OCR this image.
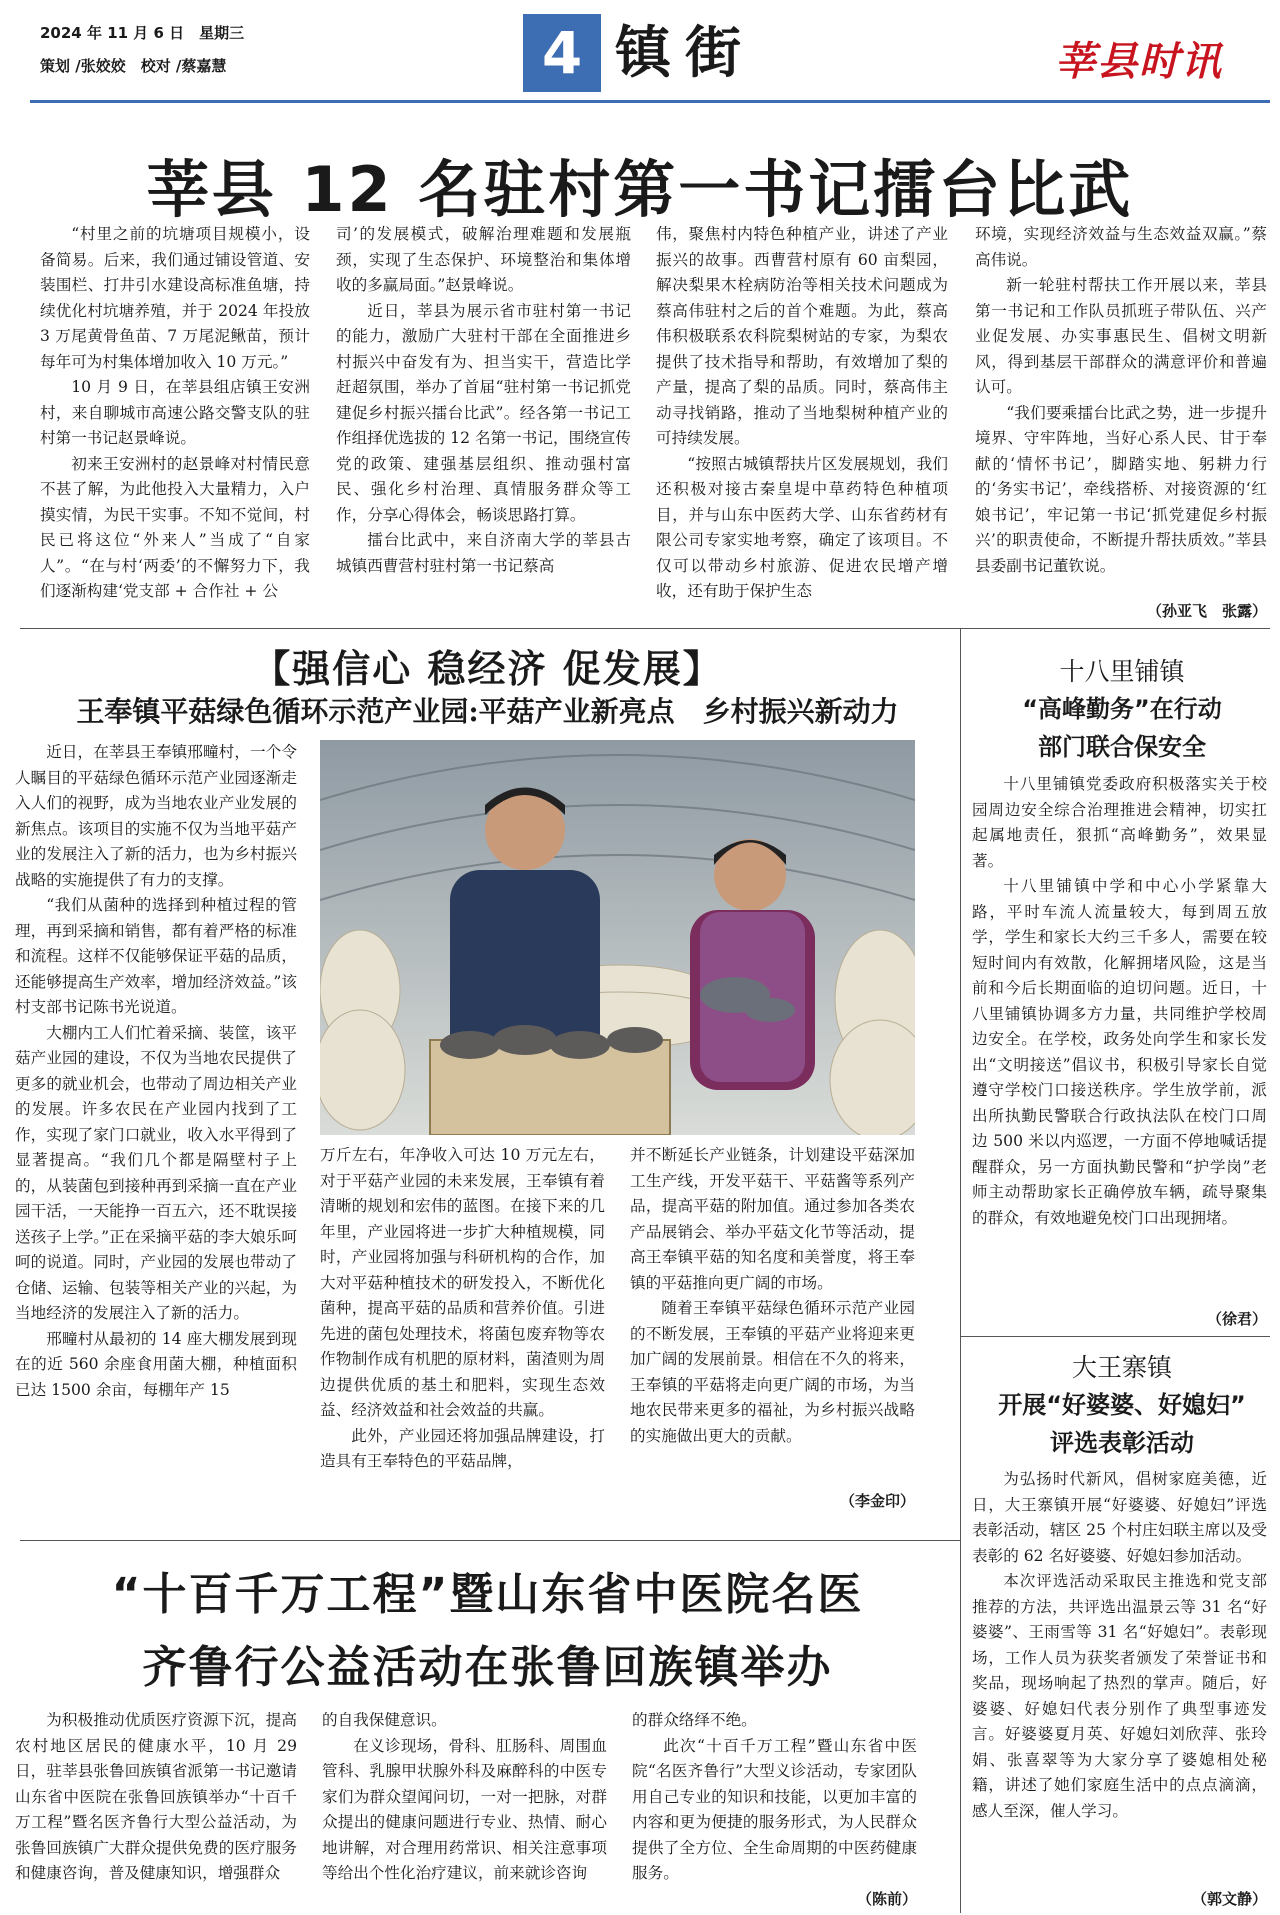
2024 年 11 月 6 日　星期三
策划 /张姣姣　校对 /蔡嘉慧	4 镇街	莘县时讯
莘县 12 名驻村第一书记擂台比武

“村里之前的坑塘项目规模小，设备简易。后来，我们通过铺设管道、安装围栏、打井引水建设高标准鱼塘，持续优化村坑塘养殖，并于 2024 年投放 3 万尾黄骨鱼苗、7 万尾泥鳅苗，预计每年可为村集体增加收入 10 万元。”

10 月 9 日，在莘县组店镇王安洲村，来自聊城市高速公路交警支队的驻村第一书记赵景峰说。

初来王安洲村的赵景峰对村情民意不甚了解，为此他投入大量精力，入户摸实情，为民干实事。不知不觉间，村民已将这位“外来人”当成了“自家人”。“在与村‘两委’的不懈努力下，我们逐渐构建‘党支部 + 合作社 + 公

司’的发展模式，破解治理难题和发展瓶颈，实现了生态保护、环境整治和集体增收的多赢局面。”赵景峰说。

近日，莘县为展示省市驻村第一书记的能力，激励广大驻村干部在全面推进乡村振兴中奋发有为、担当实干，营造比学赶超氛围，举办了首届“驻村第一书记抓党建促乡村振兴擂台比武”。经各第一书记工作组择优选拔的 12 名第一书记，围绕宣传党的政策、建强基层组织、推动强村富民、强化乡村治理、真情服务群众等工作，分享心得体会，畅谈思路打算。

擂台比武中，来自济南大学的莘县古城镇西曹营村驻村第一书记蔡高

伟，聚焦村内特色种植产业，讲述了产业振兴的故事。西曹营村原有 60 亩梨园，解决梨果木栓病防治等相关技术问题成为蔡高伟驻村之后的首个难题。为此，蔡高伟积极联系农科院梨树站的专家，为梨农提供了技术指导和帮助，有效增加了梨的产量，提高了梨的品质。同时，蔡高伟主动寻找销路，推动了当地梨树种植产业的可持续发展。

“按照古城镇帮扶片区发展规划，我们还积极对接古秦皇堤中草药特色种植项目，并与山东中医药大学、山东省药材有限公司专家实地考察，确定了该项目。不仅可以带动乡村旅游、促进农民增产增收，还有助于保护生态

环境，实现经济效益与生态效益双赢。”蔡高伟说。

新一轮驻村帮扶工作开展以来，莘县第一书记和工作队员抓班子带队伍、兴产业促发展、办实事惠民生、倡树文明新风，得到基层干部群众的满意评价和普遍认可。

“我们要乘擂台比武之势，进一步提升境界、守牢阵地，当好心系人民、甘于奉献的‘情怀书记’，脚踏实地、躬耕力行的‘务实书记’，牵线搭桥、对接资源的‘红娘书记’，牢记第一书记‘抓党建促乡村振兴’的职责使命，不断提升帮扶质效。”莘县县委副书记董钦说。

（孙亚飞　张露）
【强信心 稳经济 促发展】
王奉镇平菇绿色循环示范产业园:平菇产业新亮点　乡村振兴新动力

近日，在莘县王奉镇邢疃村，一个令人瞩目的平菇绿色循环示范产业园逐渐走入人们的视野，成为当地农业产业发展的新焦点。该项目的实施不仅为当地平菇产业的发展注入了新的活力，也为乡村振兴战略的实施提供了有力的支撑。

“我们从菌种的选择到种植过程的管理，再到采摘和销售，都有着严格的标准和流程。这样不仅能够保证平菇的品质，还能够提高生产效率，增加经济效益。”该村支部书记陈书光说道。

大棚内工人们忙着采摘、装筐，该平菇产业园的建设，不仅为当地农民提供了更多的就业机会，也带动了周边相关产业的发展。许多农民在产业园内找到了工作，实现了家门口就业，收入水平得到了显著提高。“我们几个都是隔壁村子上的，从装菌包到接种再到采摘一直在产业园干活，一天能挣一百五六，还不耽误接送孩子上学。”正在采摘平菇的李大娘乐呵呵的说道。同时，产业园的发展也带动了仓储、运输、包装等相关产业的兴起，为当地经济的发展注入了新的活力。

邢疃村从最初的 14 座大棚发展到现在的近 560 余座食用菌大棚，种植面积已达 1500 余亩，每棚年产 15

万斤左右，年净收入可达 10 万元左右，对于平菇产业园的未来发展，王奉镇有着清晰的规划和宏伟的蓝图。在接下来的几年里，产业园将进一步扩大种植规模，同时，产业园将加强与科研机构的合作，加大对平菇种植技术的研发投入，不断优化菌种，提高平菇的品质和营养价值。引进先进的菌包处理技术，将菌包废弃物等农作物制作成有机肥的原材料，菌渣则为周边提供优质的基土和肥料，实现生态效益、经济效益和社会效益的共赢。

此外，产业园还将加强品牌建设，打造具有王奉特色的平菇品牌，

并不断延长产业链条，计划建设平菇深加工生产线，开发平菇干、平菇酱等系列产品，提高平菇的附加值。通过参加各类农产品展销会、举办平菇文化节等活动，提高王奉镇平菇的知名度和美誉度，将王奉镇的平菇推向更广阔的市场。

随着王奉镇平菇绿色循环示范产业园的不断发展，王奉镇的平菇产业将迎来更加广阔的发展前景。相信在不久的将来，王奉镇的平菇将走向更广阔的市场，为当地农民带来更多的福祉，为乡村振兴战略的实施做出更大的贡献。

（李金印）
十八里铺镇
“高峰勤务”在行动
部门联合保安全

十八里铺镇党委政府积极落实关于校园周边安全综合治理推进会精神，切实扛起属地责任，狠抓“高峰勤务”，效果显著。

十八里铺镇中学和中心小学紧靠大路，平时车流人流量较大，每到周五放学，学生和家长大约三千多人，需要在较短时间内有效散，化解拥堵风险，这是当前和今后长期面临的迫切问题。近日，十八里铺镇协调多方力量，共同维护学校周边安全。在学校，政务处向学生和家长发出“文明接送”倡议书，积极引导家长自觉遵守学校门口接送秩序。学生放学前，派出所执勤民警联合行政执法队在校门口周边 500 米以内巡逻，一方面不停地喊话提醒群众，另一方面执勤民警和“护学岗”老师主动帮助家长正确停放车辆，疏导聚集的群众，有效地避免校门口出现拥堵。

（徐君）
大王寨镇
开展“好婆婆、好媳妇”
评选表彰活动

为弘扬时代新风，倡树家庭美德，近日，大王寨镇开展“好婆婆、好媳妇”评选表彰活动，辖区 25 个村庄妇联主席以及受表彰的 62 名好婆婆、好媳妇参加活动。

本次评选活动采取民主推选和党支部推荐的方法，共评选出温景云等 31 名“好婆婆”、王雨雪等 31 名“好媳妇”。表彰现场，工作人员为获奖者颁发了荣誉证书和奖品，现场响起了热烈的掌声。随后，好婆婆、好媳妇代表分别作了典型事迹发言。好婆婆夏月英、好媳妇刘欣萍、张玲娟、张喜翠等为大家分享了婆媳相处秘籍，讲述了她们家庭生活中的点点滴滴，感人至深，催人学习。

（郭文静）
“十百千万工程”暨山东省中医院名医
齐鲁行公益活动在张鲁回族镇举办

为积极推动优质医疗资源下沉，提高农村地区居民的健康水平，10 月 29 日，驻莘县张鲁回族镇省派第一书记邀请山东省中医院在张鲁回族镇举办“十百千万工程”暨名医齐鲁行大型公益活动，为张鲁回族镇广大群众提供免费的医疗服务和健康咨询，普及健康知识，增强群众

的自我保健意识。

在义诊现场，骨科、肛肠科、周围血管科、乳腺甲状腺外科及麻醉科的中医专家们为群众望闻问切，一对一把脉，对群众提出的健康问题进行专业、热情、耐心地讲解，对合理用药常识、相关注意事项等给出个性化治疗建议，前来就诊咨询

的群众络绎不绝。

此次“十百千万工程”暨山东省中医院“名医齐鲁行”大型义诊活动，专家团队用自己专业的知识和技能，以更加丰富的内容和更为便捷的服务形式，为人民群众提供了全方位、全生命周期的中医药健康服务。

（陈前）
